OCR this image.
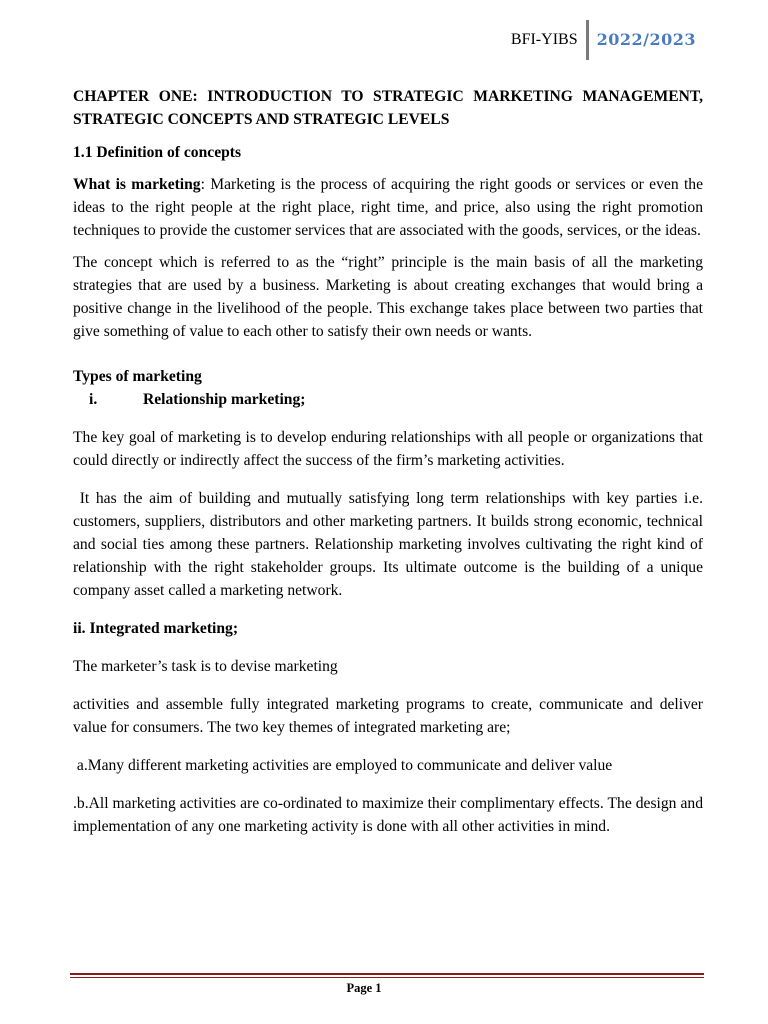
BFI-YIBS	2022/2023

CHAPTER ONE: INTRODUCTION TO STRATEGIC MARKETING MANAGEMENT, STRATEGIC CONCEPTS AND STRATEGIC LEVELS

1.1 Definition of concepts

What is marketing: Marketing is the process of acquiring the right goods or services or even the ideas to the right people at the right place, right time, and price, also using the right promotion techniques to provide the customer services that are associated with the goods, services, or the ideas.

The concept which is referred to as the “right” principle is the main basis of all the marketing strategies that are used by a business. Marketing is about creating exchanges that would bring a positive change in the livelihood of the people. This exchange takes place between two parties that give something of value to each other to satisfy their own needs or wants.

Types of marketing

i.	Relationship marketing;

The key goal of marketing is to develop enduring relationships with all people or organizations that could directly or indirectly affect the success of the firm’s marketing activities.

It has the aim of building and mutually satisfying long term relationships with key parties i.e. customers, suppliers, distributors and other marketing partners. It builds strong economic, technical and social ties among these partners. Relationship marketing involves cultivating the right kind of relationship with the right stakeholder groups. Its ultimate outcome is the building of a unique company asset called a marketing network.

ii. Integrated marketing;

The marketer’s task is to devise marketing

activities and assemble fully integrated marketing programs to create, communicate and deliver value for consumers. The two key themes of integrated marketing are;

a.Many different marketing activities are employed to communicate and deliver value

.b.All marketing activities are co-ordinated to maximize their complimentary effects. The design and implementation of any one marketing activity is done with all other activities in mind.

Page 1
